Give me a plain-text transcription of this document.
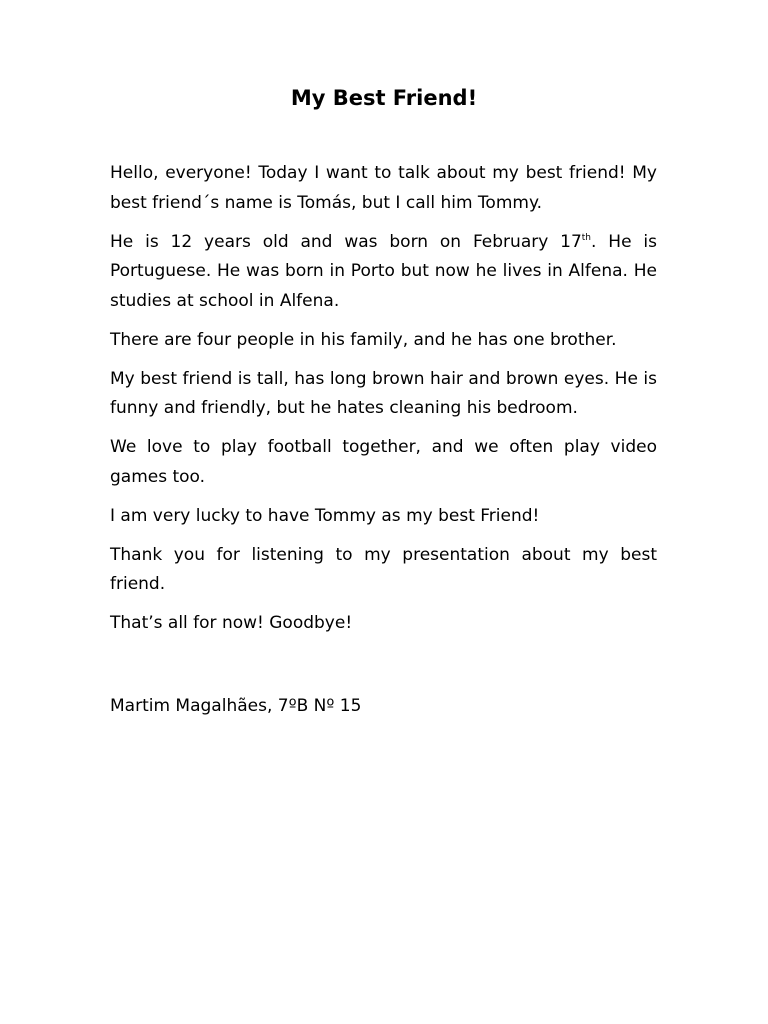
My Best Friend!

Hello, everyone! Today I want to talk about my best friend! My best friend´s name is Tomás, but I call him Tommy.

He is 12 years old and was born on February 17th. He is Portuguese. He was born in Porto but now he lives in Alfena. He studies at school in Alfena.

There are four people in his family, and he has one brother.

My best friend is tall, has long brown hair and brown eyes. He is funny and friendly, but he hates cleaning his bedroom.

We love to play football together, and we often play video games too.

I am very lucky to have Tommy as my best Friend!

Thank you for listening to my presentation about my best friend.

That’s all for now! Goodbye!

Martim Magalhães, 7ºB Nº 15
